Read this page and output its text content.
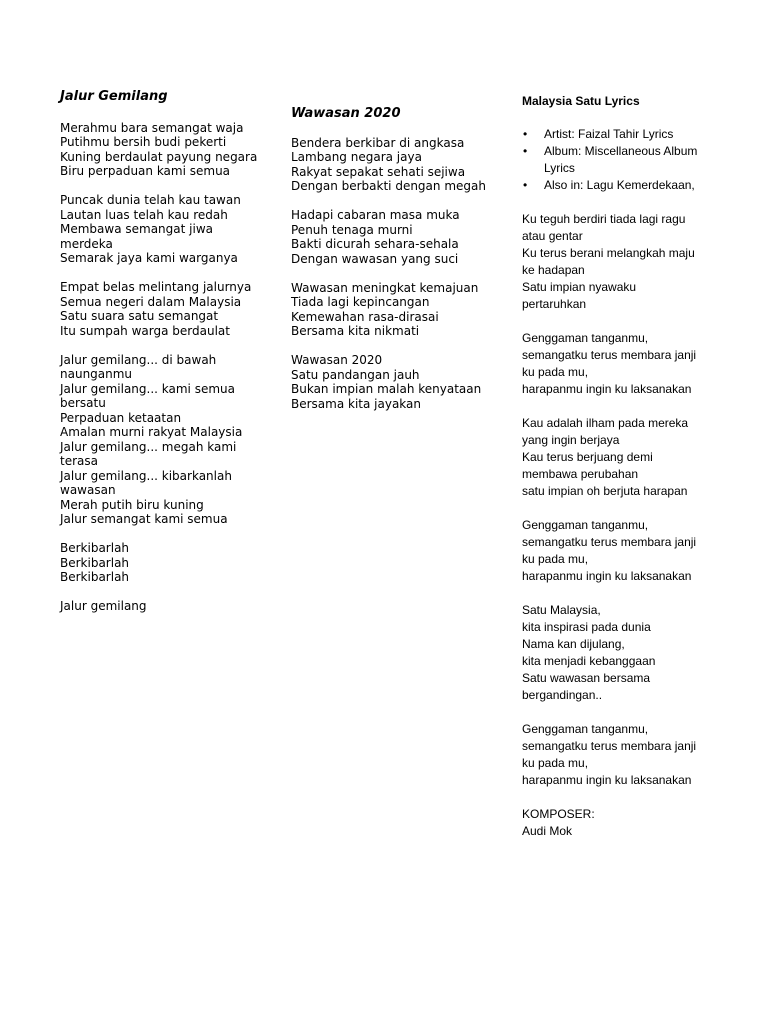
Jalur Gemilang
Merahmu bara semangat waja
Putihmu bersih budi pekerti
Kuning berdaulat payung negara
Biru perpaduan kami semua
Puncak dunia telah kau tawan
Lautan luas telah kau redah
Membawa semangat jiwa
merdeka
Semarak jaya kami warganya
Empat belas melintang jalurnya
Semua negeri dalam Malaysia
Satu suara satu semangat
Itu sumpah warga berdaulat
Jalur gemilang... di bawah
naunganmu
Jalur gemilang... kami semua
bersatu
Perpaduan ketaatan
Amalan murni rakyat Malaysia
Jalur gemilang... megah kami
terasa
Jalur gemilang... kibarkanlah
wawasan
Merah putih biru kuning
Jalur semangat kami semua
Berkibarlah
Berkibarlah
Berkibarlah
Jalur gemilang
Wawasan 2020
Bendera berkibar di angkasa
Lambang negara jaya
Rakyat sepakat sehati sejiwa
Dengan berbakti dengan megah
Hadapi cabaran masa muka
Penuh tenaga murni
Bakti dicurah sehara-sehala
Dengan wawasan yang suci
Wawasan meningkat kemajuan
Tiada lagi kepincangan
Kemewahan rasa-dirasai
Bersama kita nikmati
Wawasan 2020
Satu pandangan jauh
Bukan impian malah kenyataan
Bersama kita jayakan
Malaysia Satu Lyrics
• Artist: Faizal Tahir Lyrics
• Album: Miscellaneous Album
Lyrics
• Also in: Lagu Kemerdekaan,
Ku teguh berdiri tiada lagi ragu
atau gentar
Ku terus berani melangkah maju
ke hadapan
Satu impian nyawaku
pertaruhkan
Genggaman tanganmu,
semangatku terus membara janji
ku pada mu,
harapanmu ingin ku laksanakan
Kau adalah ilham pada mereka
yang ingin berjaya
Kau terus berjuang demi
membawa perubahan
satu impian oh berjuta harapan
Genggaman tanganmu,
semangatku terus membara janji
ku pada mu,
harapanmu ingin ku laksanakan
Satu Malaysia,
kita inspirasi pada dunia
Nama kan dijulang,
kita menjadi kebanggaan
Satu wawasan bersama
bergandingan..
Genggaman tanganmu,
semangatku terus membara janji
ku pada mu,
harapanmu ingin ku laksanakan
KOMPOSER:
Audi Mok
